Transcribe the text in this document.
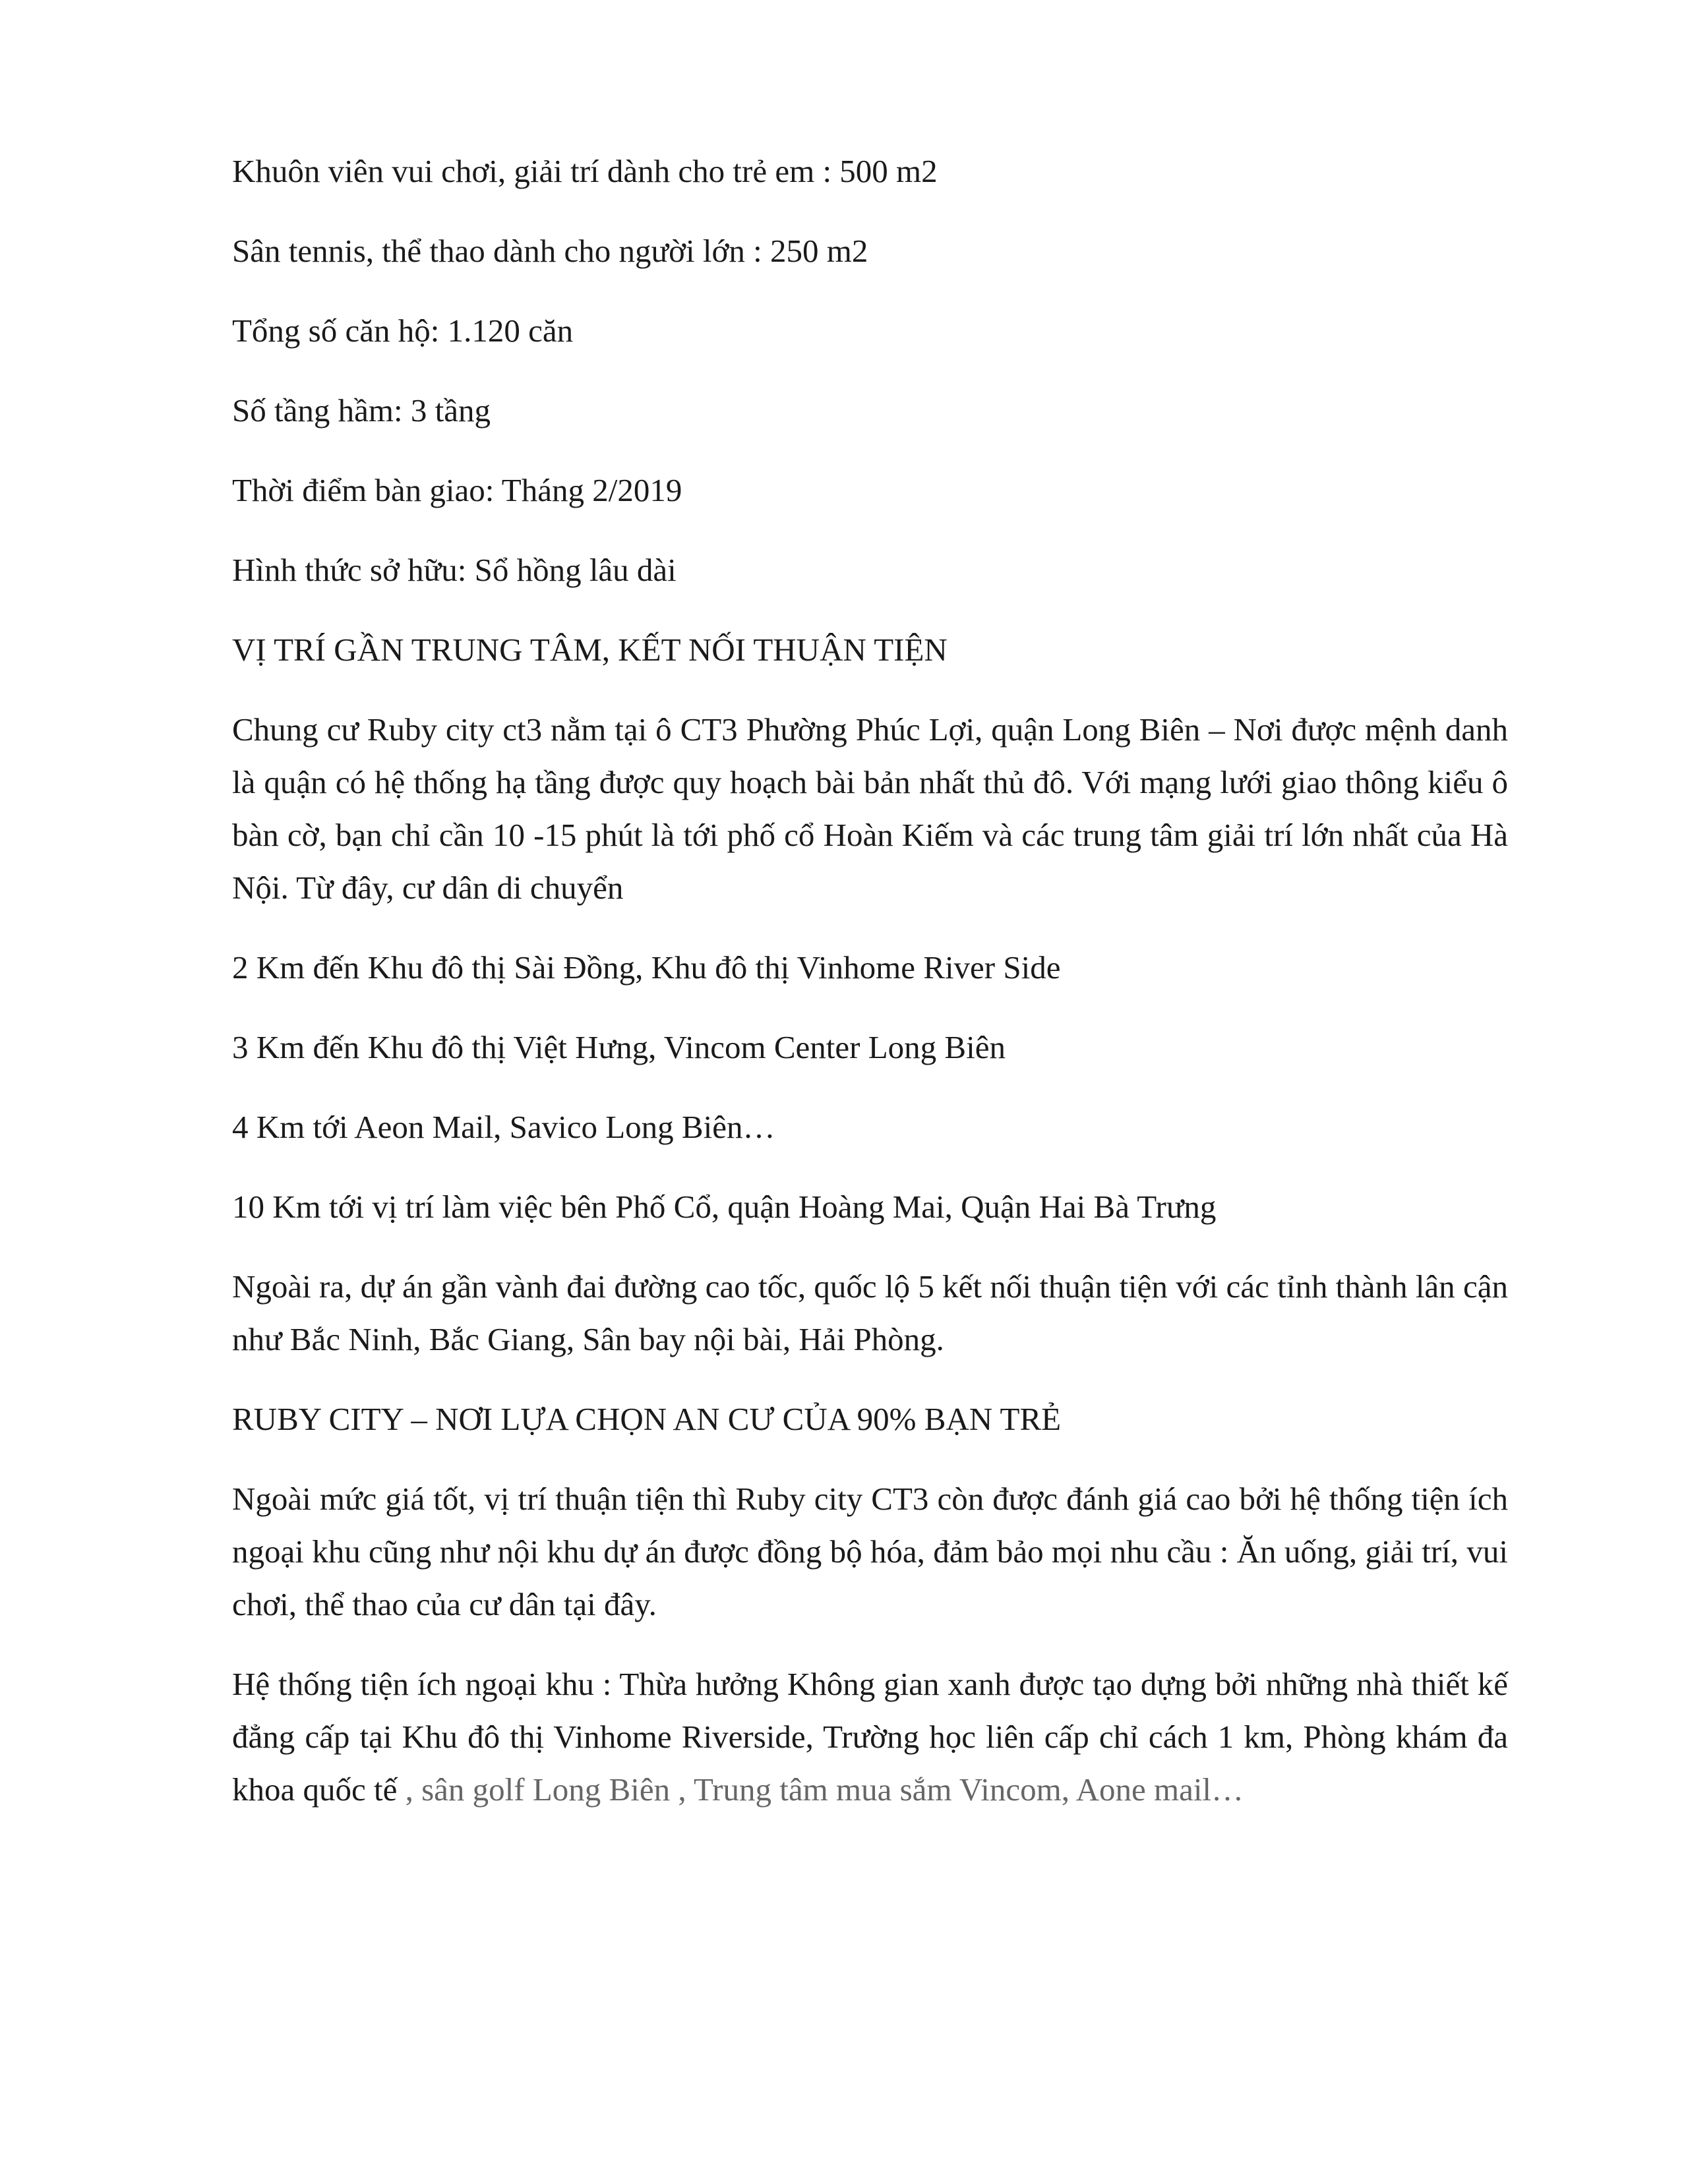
Khuôn viên vui chơi, giải trí dành cho trẻ em : 500 m2

Sân tennis, thể thao dành cho người lớn : 250 m2

Tổng số căn hộ: 1.120 căn

Số tầng hầm: 3 tầng

Thời điểm bàn giao: Tháng 2/2019

Hình thức sở hữu: Sổ hồng lâu dài

VỊ TRÍ GẦN TRUNG TÂM, KẾT NỐI THUẬN TIỆN

Chung cư Ruby city ct3 nằm tại ô CT3 Phường Phúc Lợi, quận Long Biên – Nơi được mệnh danh là quận có hệ thống hạ tầng được quy hoạch bài bản nhất thủ đô. Với mạng lưới giao thông kiểu ô bàn cờ, bạn chỉ cần 10 -15 phút là tới phố cổ Hoàn Kiếm và các trung tâm giải trí lớn nhất của Hà Nội. Từ đây, cư dân di chuyển

2 Km đến Khu đô thị Sài Đồng, Khu đô thị Vinhome River Side

3 Km đến Khu đô thị Việt Hưng, Vincom Center Long Biên

4 Km tới Aeon Mail, Savico Long Biên…

10 Km tới vị trí làm việc bên Phố Cổ, quận Hoàng Mai, Quận Hai Bà Trưng

Ngoài ra, dự án gần vành đai đường cao tốc, quốc lộ 5 kết nối thuận tiện với các tỉnh thành lân cận như Bắc Ninh, Bắc Giang, Sân bay nội bài, Hải Phòng.

RUBY CITY – NƠI LỰA CHỌN AN CƯ CỦA 90% BẠN TRẺ

Ngoài mức giá tốt, vị trí thuận tiện thì Ruby city CT3 còn được đánh giá cao bởi hệ thống tiện ích ngoại khu cũng như nội khu dự án được đồng bộ hóa, đảm bảo mọi nhu cầu : Ăn uống, giải trí, vui chơi, thể thao của cư dân tại đây.

Hệ thống tiện ích ngoại khu : Thừa hưởng Không gian xanh được tạo dựng bởi những nhà thiết kế đẳng cấp tại Khu đô thị Vinhome Riverside, Trường học liên cấp chỉ cách 1 km, Phòng khám đa khoa quốc tế , sân golf Long Biên , Trung tâm mua sắm Vincom, Aone mail…
